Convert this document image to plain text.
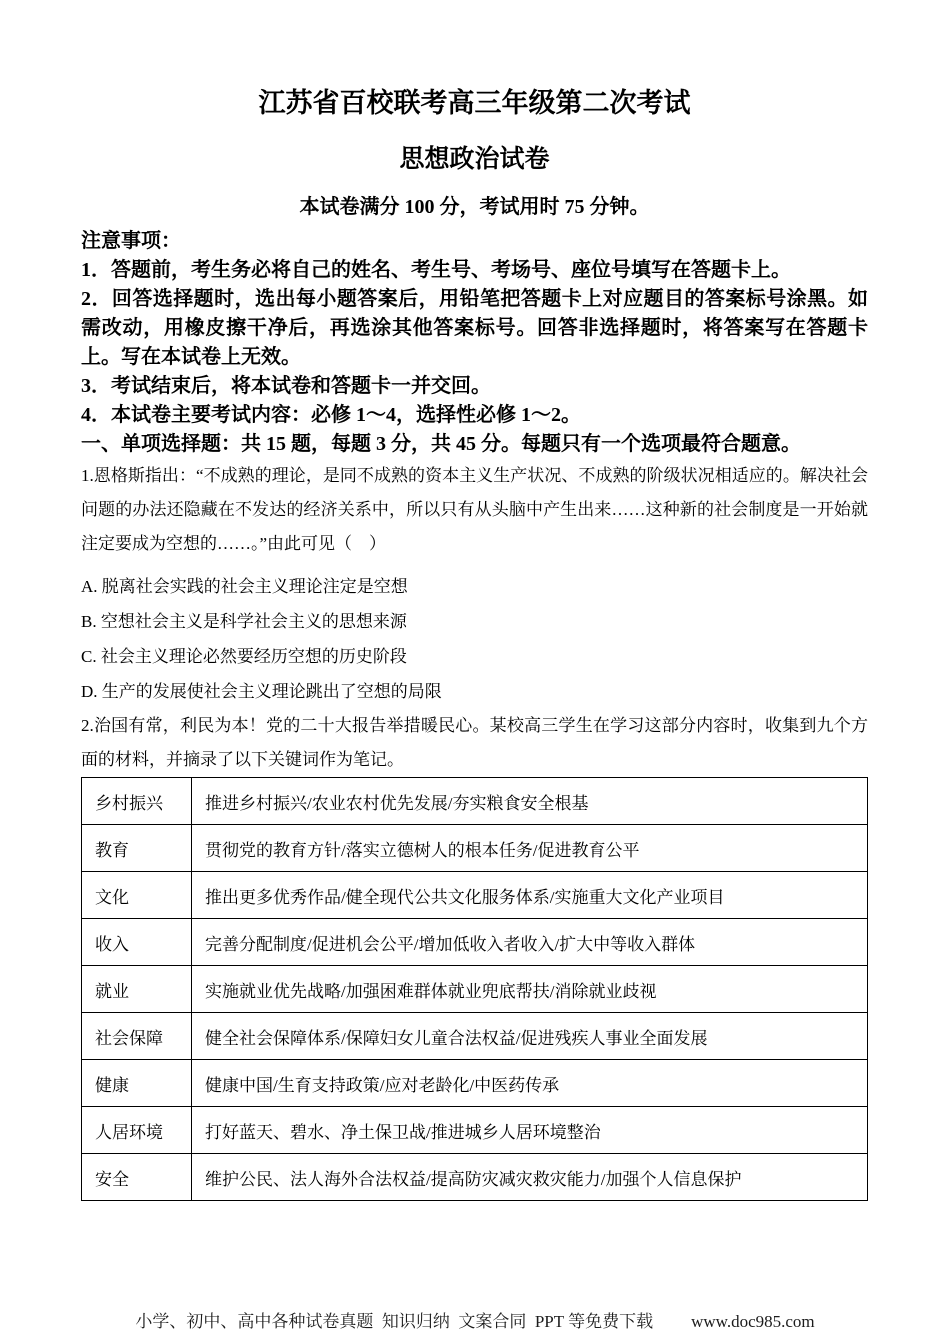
江苏省百校联考高三年级第二次考试
思想政治试卷

本试卷满分 100 分，考试用时 75 分钟。

注意事项：

1．答题前，考生务必将自己的姓名、考生号、考场号、座位号填写在答题卡上。

2．回答选择题时，选出每小题答案后，用铅笔把答题卡上对应题目的答案标号涂黑。如需改动，用橡皮擦干净后，再选涂其他答案标号。回答非选择题时，将答案写在答题卡上。写在本试卷上无效。

3．考试结束后，将本试卷和答题卡一并交回。

4．本试卷主要考试内容：必修 1～4，选择性必修 1～2。

一、单项选择题：共 15 题，每题 3 分，共 45 分。每题只有一个选项最符合题意。

1.恩格斯指出：“不成熟的理论，是同不成熟的资本主义生产状况、不成熟的阶级状况相适应的。解决社会问题的办法还隐藏在不发达的经济关系中，所以只有从头脑中产生出来……这种新的社会制度是一开始就注定要成为空想的……。”由此可见（　）

A. 脱离社会实践的社会主义理论注定是空想

B. 空想社会主义是科学社会主义的思想来源

C. 社会主义理论必然要经历空想的历史阶段

D. 生产的发展使社会主义理论跳出了空想的局限

2.治国有常，利民为本！党的二十大报告举措暖民心。某校高三学生在学习这部分内容时，收集到九个方面的材料，并摘录了以下关键词作为笔记。

乡村振兴	推进乡村振兴/农业农村优先发展/夯实粮食安全根基
教育	贯彻党的教育方针/落实立德树人的根本任务/促进教育公平
文化	推出更多优秀作品/健全现代公共文化服务体系/实施重大文化产业项目
收入	完善分配制度/促进机会公平/增加低收入者收入/扩大中等收入群体
就业	实施就业优先战略/加强困难群体就业兜底帮扶/消除就业歧视
社会保障	健全社会保障体系/保障妇女儿童合法权益/促进残疾人事业全面发展
健康	健康中国/生育支持政策/应对老龄化/中医药传承
人居环境	打好蓝天、碧水、净土保卫战/推进城乡人居环境整治
安全	维护公民、法人海外合法权益/提高防灾减灾救灾能力/加强个人信息保护
小学、初中、高中各种试卷真题  知识归纳  文案合同  PPT 等免费下载 www.doc985.com
